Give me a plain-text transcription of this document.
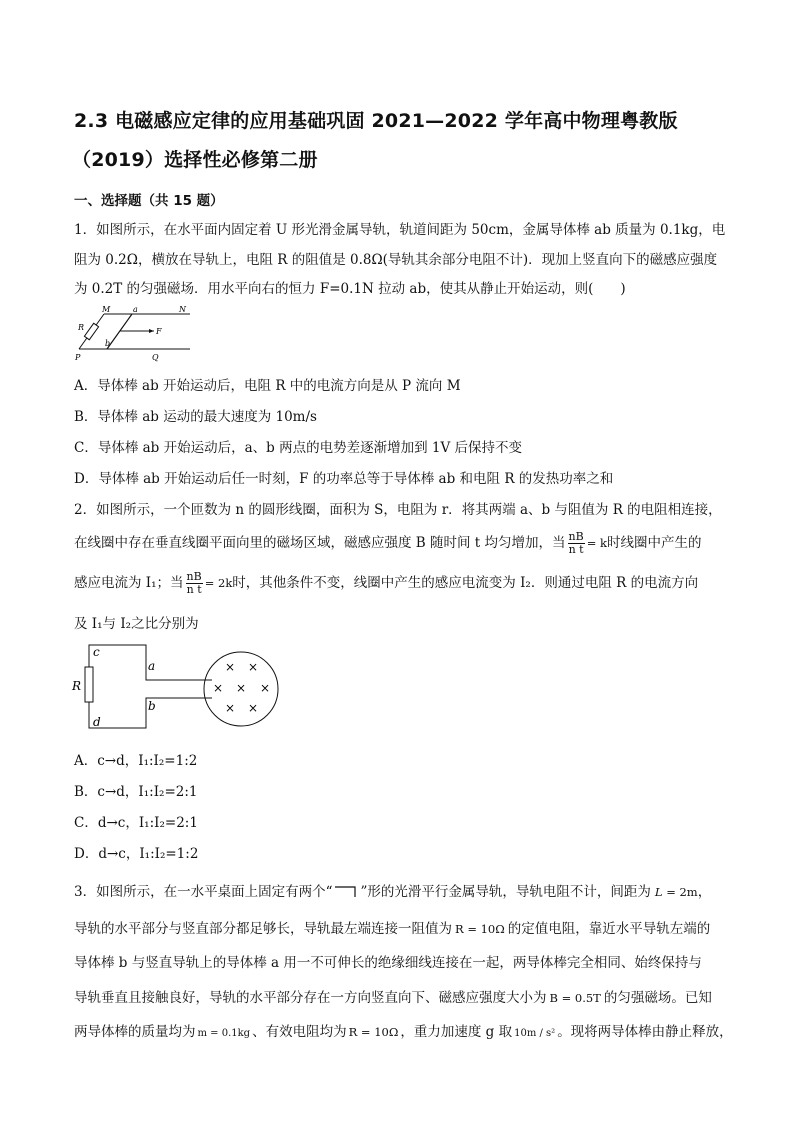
2.3 电磁感应定律的应用基础巩固 2021—2022 学年高中物理粤教版
（2019）选择性必修第二册
一、选择题（共 15 题）
1．如图所示，在水平面内固定着 U 形光滑金属导轨，轨道间距为 50cm，金属导体棒 ab 质量为 0.1kg，电
阻为 0.2Ω，横放在导轨上，电阻 R 的阻值是 0.8Ω(导轨其余部分电阻不计)．现加上竖直向下的磁感应强度
为 0.2T 的匀强磁场．用水平向右的恒力 F=0.1N 拉动 ab，使其从静止开始运动，则(　　)
M	a	N
R	F
b
P	Q
A．导体棒 ab 开始运动后，电阻 R 中的电流方向是从 P 流向 M
B．导体棒 ab 运动的最大速度为 10m/s
C．导体棒 ab 开始运动后，a、b 两点的电势差逐渐增加到 1V 后保持不变
D．导体棒 ab 开始运动后任一时刻，F 的功率总等于导体棒 ab 和电阻 R 的发热功率之和
2．如图所示，一个匝数为 n 的圆形线圈，面积为 S，电阻为 r．将其两端 a、b 与阻值为 R 的电阻相连接，
在线圈中存在垂直线圈平面向里的磁场区域，磁感应强度 B 随时间 t 均匀增加，当 $\frac{nB}{\text{n t}} = k$时线圈中产生的
感应电流为 I₁；当 $\frac{nB}{\text{n t}} = 2k$时，其他条件不变，线圈中产生的感应电流变为 I₂．则通过电阻 R 的电流方向
及 I₁与 I₂之比分别为
c
a
R
b
d
× ×
× × ×
× ×
A．c→d，I₁:I₂=1:2
B．c→d，I₁:I₂=2:1
C．d→c，I₁:I₂=2:1
D．d→c，I₁:I₂=1:2
3．如图所示，在一水平桌面上固定有两个“ ”形的光滑平行金属导轨，导轨电阻不计，间距为 L = 2m，
导轨的水平部分与竖直部分都足够长，导轨最左端连接一阻值为 R = 10Ω 的定值电阻，靠近水平导轨左端的
导体棒 b 与竖直导轨上的导体棒 a 用一不可伸长的绝缘细线连接在一起，两导体棒完全相同、始终保持与
导轨垂直且接触良好，导轨的水平部分存在一方向竖直向下、磁感应强度大小为 B = 0.5T 的匀强磁场。已知
两导体棒的质量均为 m = 0.1kg 、有效电阻均为 R = 10Ω ，重力加速度 g 取 10m / s² 。现将两导体棒由静止释放，
